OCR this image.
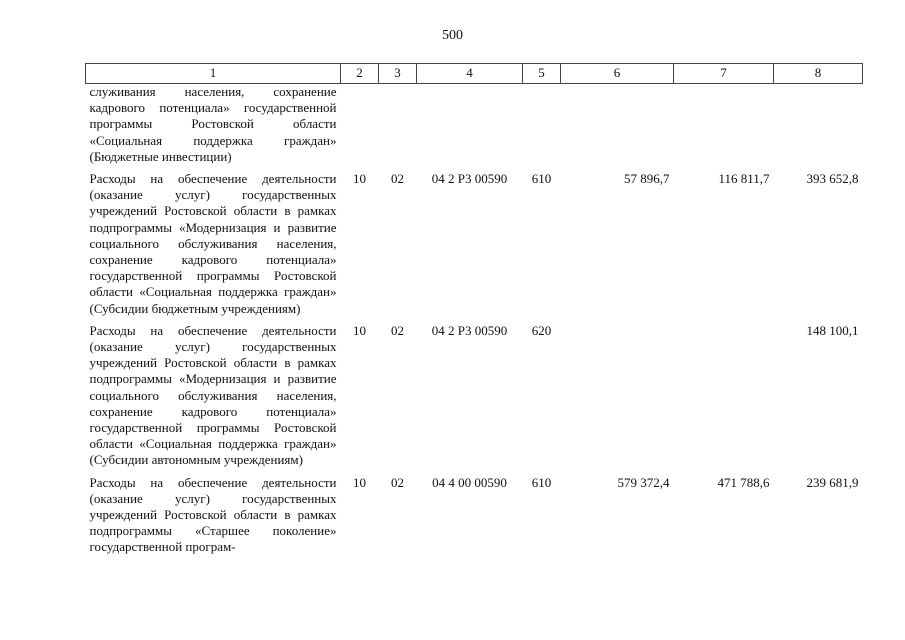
500
1	2	3	4	5	6	7	8
служивания населения, сохранение кадрового потенциала» государственной программы Ростовской области «Социальная поддержка граждан» (Бюджетные инвестиции)							
Расходы на обеспечение деятельности (оказание услуг) государственных учреждений Ростовской области в рамках подпрограммы «Модернизация и развитие социального обслуживания населения, сохранение кадрового потенциала» государственной программы Ростовской области «Социальная поддержка граждан» (Субсидии бюджетным учреждениям)	10	02	04 2 Р3 00590	610	57 896,7	116 811,7	393 652,8
Расходы на обеспечение деятельности (оказание услуг) государственных учреждений Ростовской области в рамках подпрограммы «Модернизация и развитие социального обслуживания населения, сохранение кадрового потенциала» государственной программы Ростовской области «Социальная поддержка граждан» (Субсидии автономным учреждениям)	10	02	04 2 Р3 00590	620			148 100,1
Расходы на обеспечение деятельности (оказание услуг) государственных учреждений Ростовской области в рамках подпрограммы «Старшее поколение» государственной програм-	10	02	04 4 00 00590	610	579 372,4	471 788,6	239 681,9
